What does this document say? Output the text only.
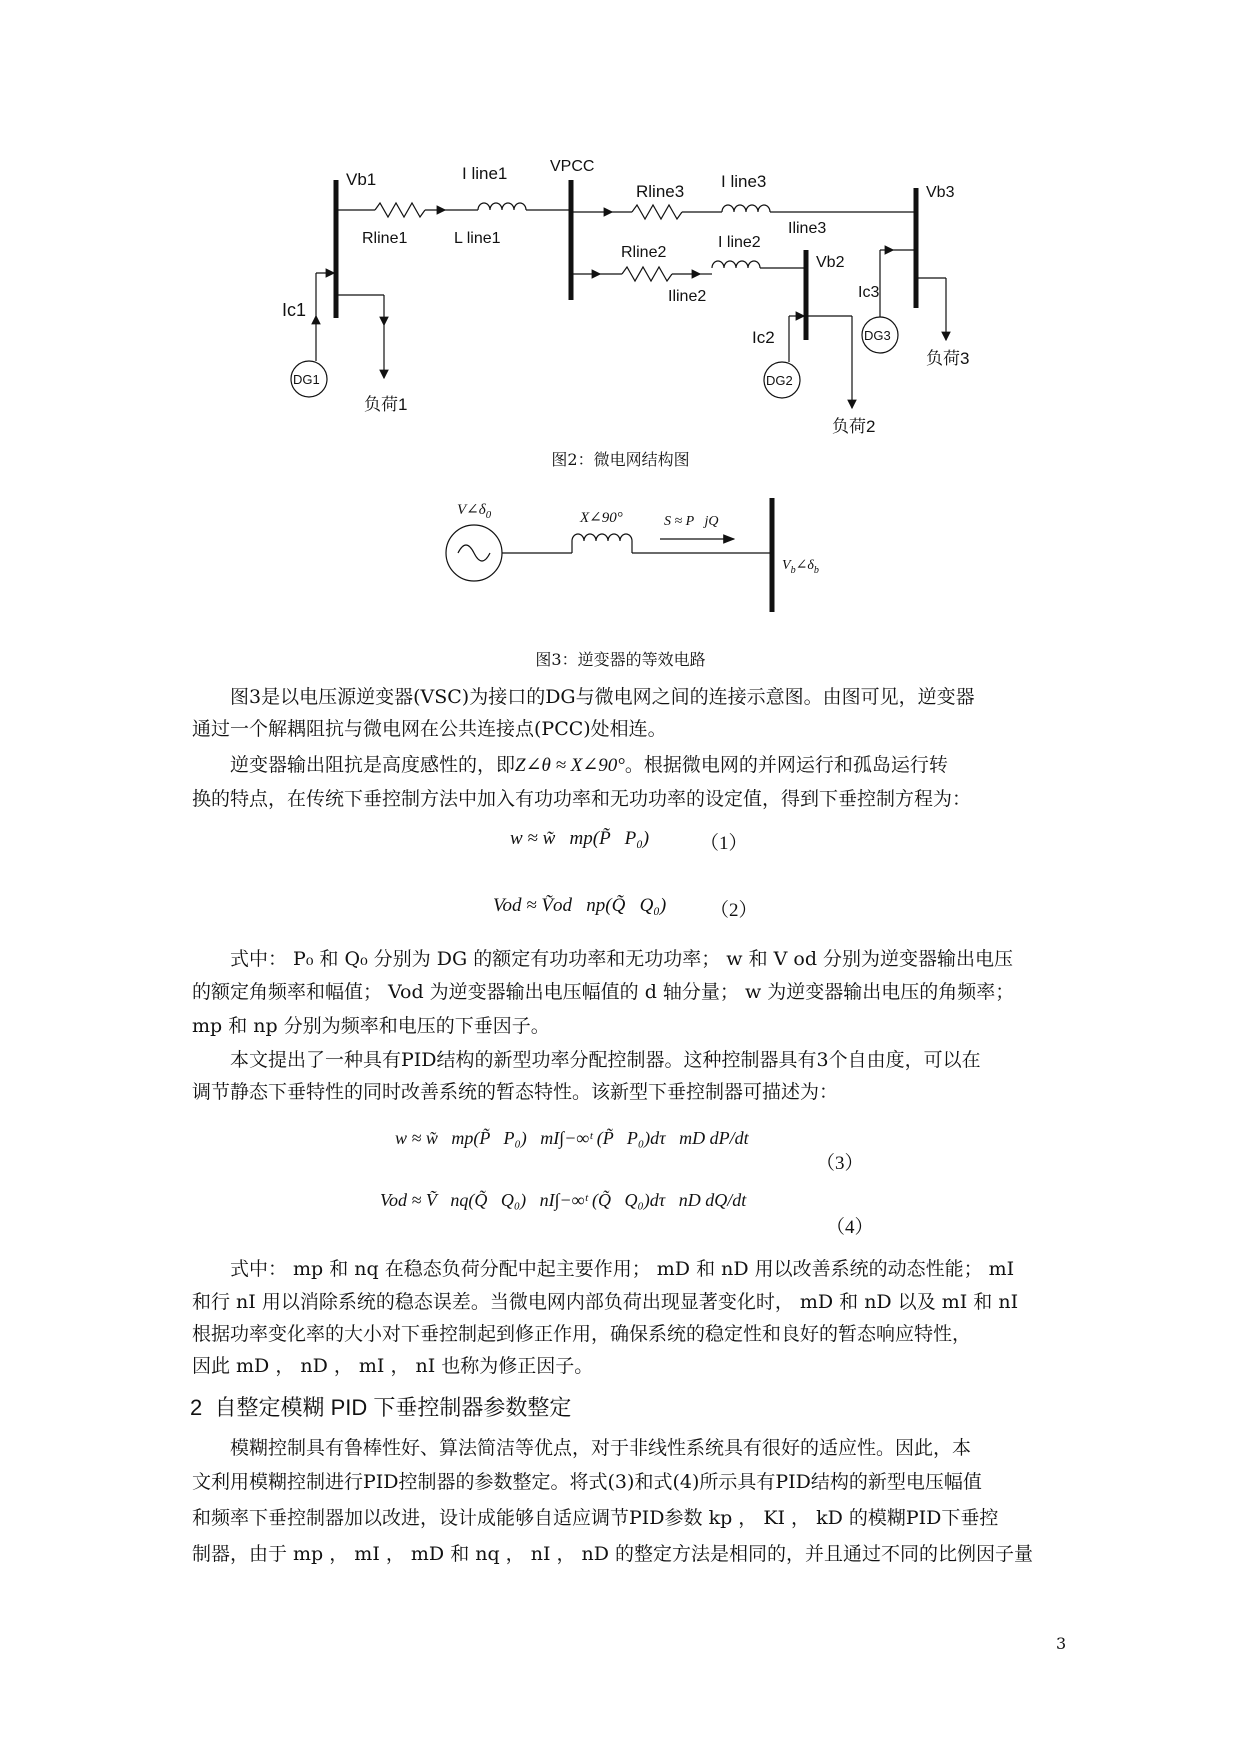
Vb1	I line1	VPCC
Rline3
I line3
Vb3
Rline1	L line1
Iline3
Rline2
I line2
Vb2
Ic3
Ic1
Iline2
Ic2
DG1	DG2
DG3
负荷1
负荷2
负荷3
图2：微电网结构图
$V\angle\delta_0$	X∠90°	S ≈ P   jQ
$V_b\angle\delta_b$
图3：逆变器的等效电路
图3是以电压源逆变器(VSC)为接口的DG与微电网之间的连接示意图。由图可见，逆变器
通过一个解耦阻抗与微电网在公共连接点(PCC)处相连。
逆变器输出阻抗是高度感性的，即Z∠θ ≈ X∠90°。根据微电网的并网运行和孤岛运行转
换的特点，在传统下垂控制方法中加入有功功率和无功功率的设定值，得到下垂控制方程为：
w ≈ w̃   mp(P̃   P₀)	（1）
Vod ≈ Ṽod   np(Q̃   Q₀) （2）
式中： P₀ 和 Q₀ 分别为 DG 的额定有功功率和无功功率； w 和 V od 分别为逆变器输出电压
的额定角频率和幅值； Vod 为逆变器输出电压幅值的 d 轴分量； w 为逆变器输出电压的角频率；
mp 和 np 分别为频率和电压的下垂因子。
本文提出了一种具有PID结构的新型功率分配控制器。这种控制器具有3个自由度，可以在
调节静态下垂特性的同时改善系统的暂态特性。该新型下垂控制器可描述为：
w ≈ w̃   mp(P̃   P₀)   mI∫−∞ᵗ (P̃   P₀)dτ   mD dP/dt
（3）
Vod ≈ Ṽ   nq(Q̃   Q₀)   nI∫−∞ᵗ (Q̃   Q₀)dτ   nD dQ/dt
（4）
式中： mp 和 nq 在稳态负荷分配中起主要作用； mD 和 nD 用以改善系统的动态性能； mI
和行 nI 用以消除系统的稳态误差。当微电网内部负荷出现显著变化时， mD 和 nD 以及 mI 和 nI
根据功率变化率的大小对下垂控制起到修正作用，确保系统的稳定性和良好的暂态响应特性，
因此 mD ， nD ， mI ， nI 也称为修正因子。
2 自整定模糊 PID 下垂控制器参数整定
模糊控制具有鲁棒性好、算法简洁等优点，对于非线性系统具有很好的适应性。因此，本
文利用模糊控制进行PID控制器的参数整定。将式(3)和式(4)所示具有PID结构的新型电压幅值
和频率下垂控制器加以改进，设计成能够自适应调节PID参数 kp ， KI ， kD 的模糊PID下垂控
制器，由于 mp ， mI ， mD 和 nq ， nI ， nD 的整定方法是相同的，并且通过不同的比例因子量
3
